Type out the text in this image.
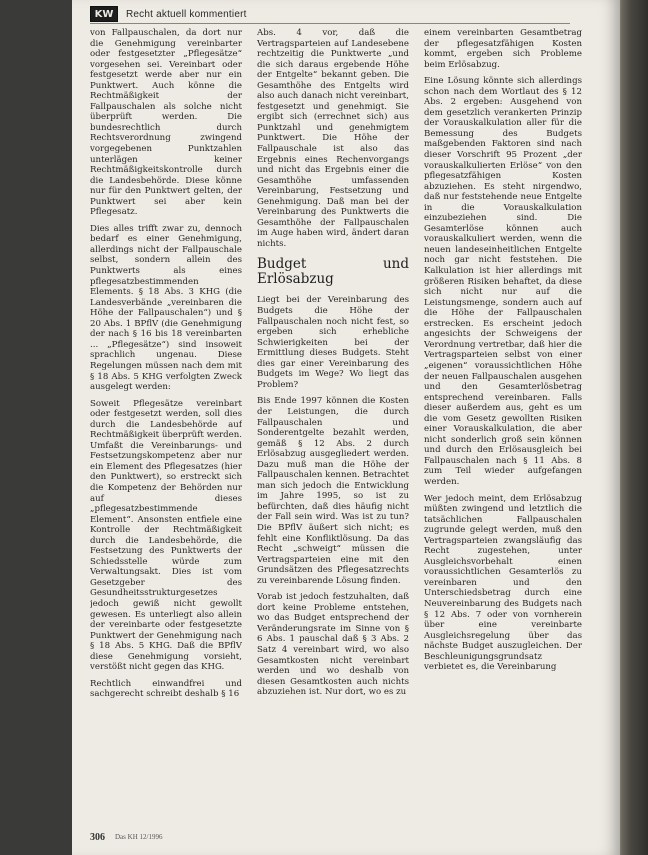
KW	Recht aktuell kommentiert

von Fallpauschalen, da dort nur die Genehmigung vereinbarter oder festgesetzter „Pflegesätze“ vorgesehen sei. Vereinbart oder festgesetzt werde aber nur ein Punktwert. Auch könne die Rechtmäßigkeit der Fallpauschalen als solche nicht überprüft werden. Die bundesrechtlich durch Rechtsverordnung zwingend vorgegebenen Punktzahlen unterlägen keiner Rechtmäßigkeitskontrolle durch die Landesbehörde. Diese könne nur für den Punktwert gelten, der Punktwert sei aber kein Pflegesatz.

Dies alles trifft zwar zu, dennoch bedarf es einer Genehmigung, allerdings nicht der Fallpauschale selbst, sondern allein des Punktwerts als eines pflegesatzbestimmenden Elements. § 18 Abs. 3 KHG (die Landesverbände „vereinbaren die Höhe der Fallpauschalen“) und § 20 Abs. 1 BPflV (die Genehmigung der nach § 16 bis 18 vereinbarten ... „Pflegesätze“) sind insoweit sprachlich ungenau. Diese Regelungen müssen nach dem mit § 18 Abs. 5 KHG verfolgten Zweck ausgelegt werden:

Soweit Pflegesätze vereinbart oder festgesetzt werden, soll dies durch die Landesbehörde auf Rechtmäßigkeit überprüft werden. Umfaßt die Vereinbarungs- und Festsetzungskompetenz aber nur ein Element des Pflegesatzes (hier den Punktwert), so erstreckt sich die Kompetenz der Behörden nur auf dieses „pflegesatzbestimmende Element“. Ansonsten entfiele eine Kontrolle der Rechtmäßigkeit durch die Landesbehörde, die Festsetzung des Punktwerts der Schiedsstelle würde zum Verwaltungsakt. Dies ist vom Gesetzgeber des Gesundheitsstrukturgesetzes jedoch gewiß nicht gewollt gewesen. Es unterliegt also allein der vereinbarte oder festgesetzte Punktwert der Genehmigung nach § 18 Abs. 5 KHG. Daß die BPflV diese Genehmigung vorsieht, verstößt nicht gegen das KHG.

Rechtlich einwandfrei und sachgerecht schreibt deshalb § 16

Abs. 4 vor, daß die Vertragsparteien auf Landesebene rechtzeitig die Punktwerte „und die sich daraus ergebende Höhe der Entgelte“ bekannt geben. Die Gesamthöhe des Entgelts wird also auch danach nicht vereinbart, festgesetzt und genehmigt. Sie ergibt sich (errechnet sich) aus Punktzahl und genehmigtem Punktwert. Die Höhe der Fallpauschale ist also das Ergebnis eines Rechenvorgangs und nicht das Ergebnis einer die Gesamthöhe umfassenden Vereinbarung, Festsetzung und Genehmigung. Daß man bei der Vereinbarung des Punktwerts die Gesamthöhe der Fallpauschalen im Auge haben wird, ändert daran nichts.

Budget und Erlösabzug

Liegt bei der Vereinbarung des Budgets die Höhe der Fallpauschalen noch nicht fest, so ergeben sich erhebliche Schwierigkeiten bei der Ermittlung dieses Budgets. Steht dies gar einer Vereinbarung des Budgets im Wege? Wo liegt das Problem?

Bis Ende 1997 können die Kosten der Leistungen, die durch Fallpauschalen und Sonderentgelte bezahlt werden, gemäß § 12 Abs. 2 durch Erlösabzug ausgegliedert werden. Dazu muß man die Höhe der Fallpauschalen kennen. Betrachtet man sich jedoch die Entwicklung im Jahre 1995, so ist zu befürchten, daß dies häufig nicht der Fall sein wird. Was ist zu tun? Die BPflV äußert sich nicht; es fehlt eine Konfliktlösung. Da das Recht „schweigt“ müssen die Vertragsparteien eine mit den Grundsätzen des Pflegesatzrechts zu vereinbarende Lösung finden.

Vorab ist jedoch festzuhalten, daß dort keine Probleme entstehen, wo das Budget entsprechend der Veränderungsrate im Sinne von § 6 Abs. 1 pauschal daß § 3 Abs. 2 Satz 4 vereinbart wird, wo also Gesamtkosten nicht vereinbart werden und wo deshalb von diesen Gesamtkosten auch nichts abzuziehen ist. Nur dort, wo es zu

einem vereinbarten Gesamtbetrag der pflegesatzfähigen Kosten kommt, ergeben sich Probleme beim Erlösabzug.

Eine Lösung könnte sich allerdings schon nach dem Wortlaut des § 12 Abs. 2 ergeben: Ausgehend von dem gesetzlich verankerten Prinzip der Vorauskalkulation aller für die Bemessung des Budgets maßgebenden Faktoren sind nach dieser Vorschrift 95 Prozent „der vorauskalkulierten Erlöse“ von den pflegesatzfähigen Kosten abzuziehen. Es steht nirgendwo, daß nur feststehende neue Entgelte in die Vorauskalkulation einzubeziehen sind. Die Gesamterlöse können auch vorauskalkuliert werden, wenn die neuen landeseinheitlichen Entgelte noch gar nicht feststehen. Die Kalkulation ist hier allerdings mit größeren Risiken behaftet, da diese sich nicht nur auf die Leistungsmenge, sondern auch auf die Höhe der Fallpauschalen erstrecken. Es erscheint jedoch angesichts der Schweigens der Verordnung vertretbar, daß hier die Vertragsparteien selbst von einer „eigenen“ voraussichtlichen Höhe der neuen Fallpauschalen ausgehen und den Gesamterlösbetrag entsprechend vereinbaren. Falls dieser außerdem aus, geht es um die vom Gesetz gewollten Risiken einer Vorauskalkulation, die aber nicht sonderlich groß sein können und durch den Erlösausgleich bei Fallpauschalen nach § 11 Abs. 8 zum Teil wieder aufgefangen werden.

Wer jedoch meint, dem Erlösabzug müßten zwingend und letztlich die tatsächlichen Fallpauschalen zugrunde gelegt werden, muß den Vertragsparteien zwangsläufig das Recht zugestehen, unter Ausgleichsvorbehalt einen voraussichtlichen Gesamterlös zu vereinbaren und den Unterschiedsbetrag durch eine Neuvereinbarung des Budgets nach § 12 Abs. 7 oder von vornherein über eine vereinbarte Ausgleichsregelung über das nächste Budget auszugleichen. Der Beschleunigungsgrundsatz verbietet es, die Vereinbarung

306 Das KH 12/1996
